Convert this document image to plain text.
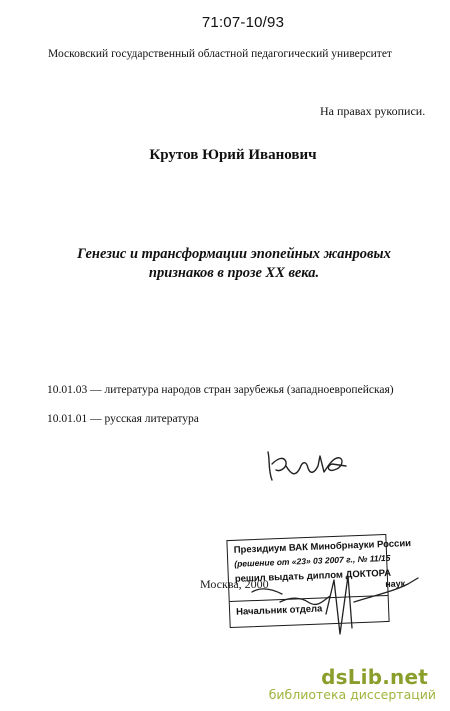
71:07-10/93
Московский государственный областной педагогический университет
На правах рукописи.
Крутов Юрий Иванович
Генезис и трансформации эпопейных жанровых
признаков в прозе XX века.
10.01.03 — литература народов стран зарубежья (западноевропейская)
10.01.01 — русская литература
Москва, 2000
Президиум ВАК Минобрнауки России
(решение от «23» 03 2007 г., № 11/15
решил выдать диплом ДОКТОРА
наук
Начальник отдела
dsLib.net
библиотека диссертаций
